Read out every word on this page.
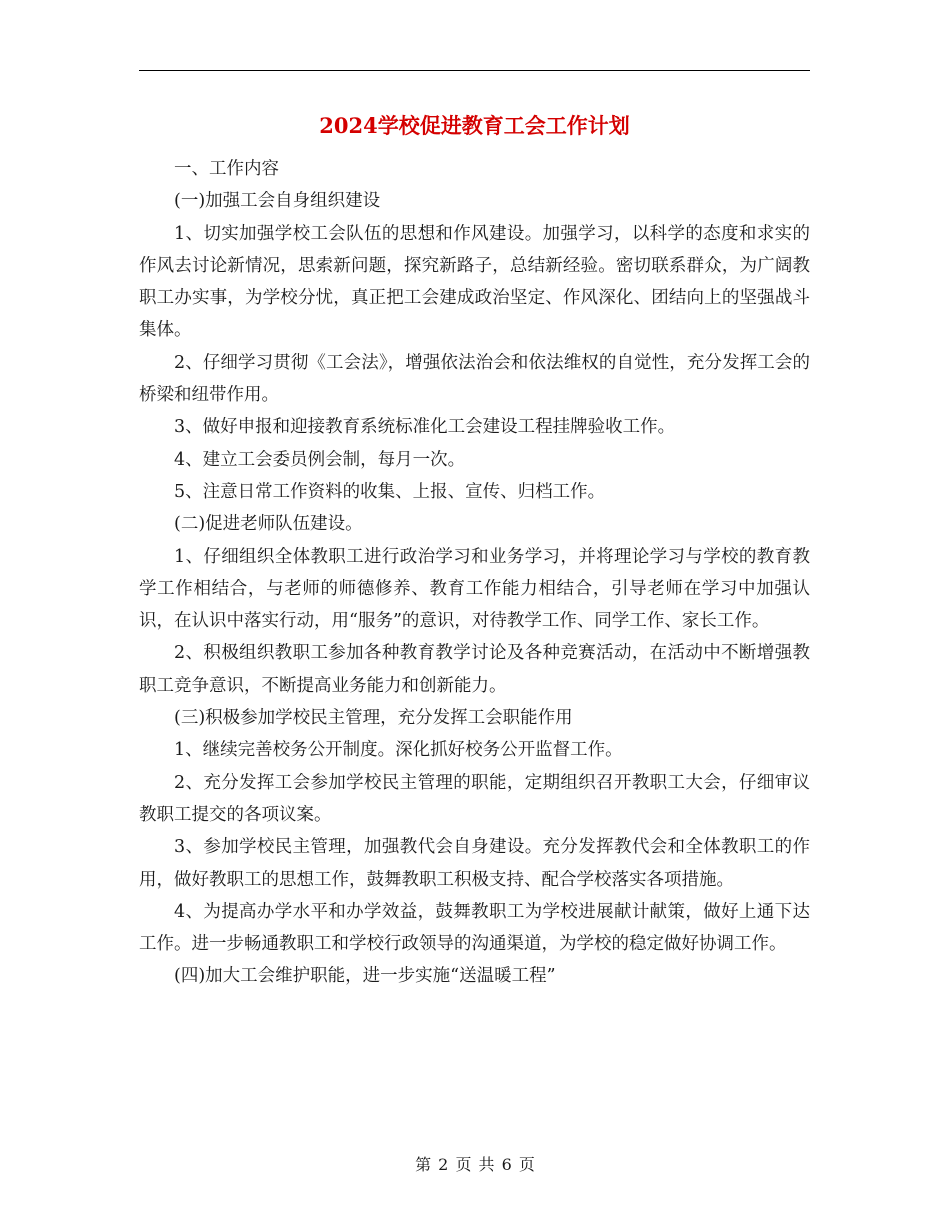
2024学校促进教育工会工作计划

一、工作内容

(一)加强工会自身组织建设

1、切实加强学校工会队伍的思想和作风建设。加强学习，以科学的态度和求实的作风去讨论新情况，思索新问题，探究新路子，总结新经验。密切联系群众，为广阔教职工办实事，为学校分忧，真正把工会建成政治坚定、作风深化、团结向上的坚强战斗集体。

2、仔细学习贯彻《工会法》，增强依法治会和依法维权的自觉性，充分发挥工会的桥梁和纽带作用。

3、做好申报和迎接教育系统标准化工会建设工程挂牌验收工作。

4、建立工会委员例会制，每月一次。

5、注意日常工作资料的收集、上报、宣传、归档工作。

(二)促进老师队伍建设。

1、仔细组织全体教职工进行政治学习和业务学习，并将理论学习与学校的教育教学工作相结合，与老师的师德修养、教育工作能力相结合，引导老师在学习中加强认识，在认识中落实行动，用“服务”的意识，对待教学工作、同学工作、家长工作。

2、积极组织教职工参加各种教育教学讨论及各种竞赛活动，在活动中不断增强教职工竞争意识，不断提高业务能力和创新能力。

(三)积极参加学校民主管理，充分发挥工会职能作用

1、继续完善校务公开制度。深化抓好校务公开监督工作。

2、充分发挥工会参加学校民主管理的职能，定期组织召开教职工大会，仔细审议教职工提交的各项议案。

3、参加学校民主管理，加强教代会自身建设。充分发挥教代会和全体教职工的作用，做好教职工的思想工作，鼓舞教职工积极支持、配合学校落实各项措施。

4、为提高办学水平和办学效益，鼓舞教职工为学校进展献计献策，做好上通下达工作。进一步畅通教职工和学校行政领导的沟通渠道，为学校的稳定做好协调工作。

(四)加大工会维护职能，进一步实施“送温暖工程”

第 2 页 共 6 页
